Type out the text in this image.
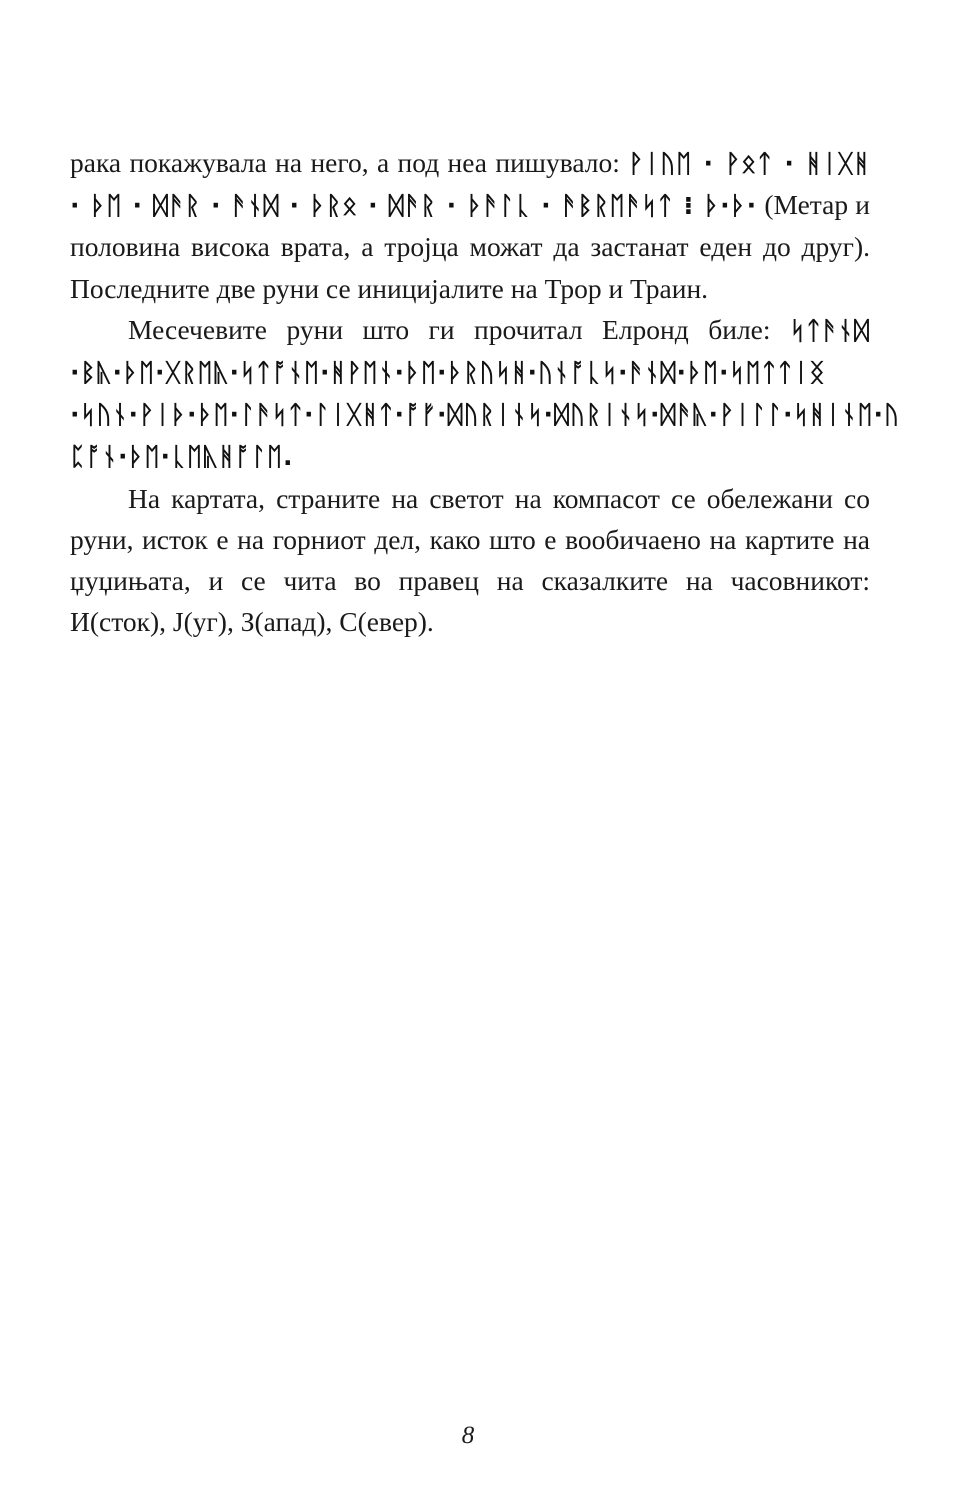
рака покажувала на него, а под неа пишувало: ᚹᛁᚢᛖ · ᚹᛟᛏ · ᚻᛁᚷᚻ · ᚦᛖ · ᛞᚫᚱ · ᚫᚾᛞ · ᚦᚱᛟ · ᛞᚫᚱ · ᚦᚫᛚᚳ · ᚫᛒᚱᛖᚫᛋᛏ ⁝ ᚦ·ᚦ· (Метар и половина висока врата, а тројца можат да застанат еден до друг). Последните две руни се иницијалите на Трор и Траин.

Месечевите руни што ги прочитал Елронд биле: ᛋᛏᚫᚾᛞ ·ᛒᚣ·ᚦᛖ·ᚷᚱᛖᚣ·ᛋᛏᚩᚾᛖ·ᚻᚹᛖᚾ·ᚦᛖ·ᚦᚱᚢᛋᚻ·ᚢᚾᚩᚳᛋ·ᚫᚾᛞ·ᚦᛖ·ᛋᛖᛏᛏᛁᛝ ·ᛋᚢᚾ·ᚹᛁᚦ·ᚦᛖ·ᛚᚫᛋᛏ·ᛚᛁᚷᚻᛏ·ᚩᚠ·ᛞᚢᚱᛁᚾᛋ·ᛞᚢᚱᛁᚾᛋ·ᛞᚫᚣ·ᚹᛁᛚᛚ·ᛋᚻᛁᚾᛖ·ᚢ ᛈᚩᚾ·ᚦᛖ·ᚳᛖᚣᚻᚩᛚᛖ.

На картата, страните на светот на компасот се обележани со руни, исток е на горниот дел, како што е вообичаено на картите на џуџињата, и се чита во правец на сказалките на часовникот: И(сток), Ј(уг), З(апад), С(евер).

8
